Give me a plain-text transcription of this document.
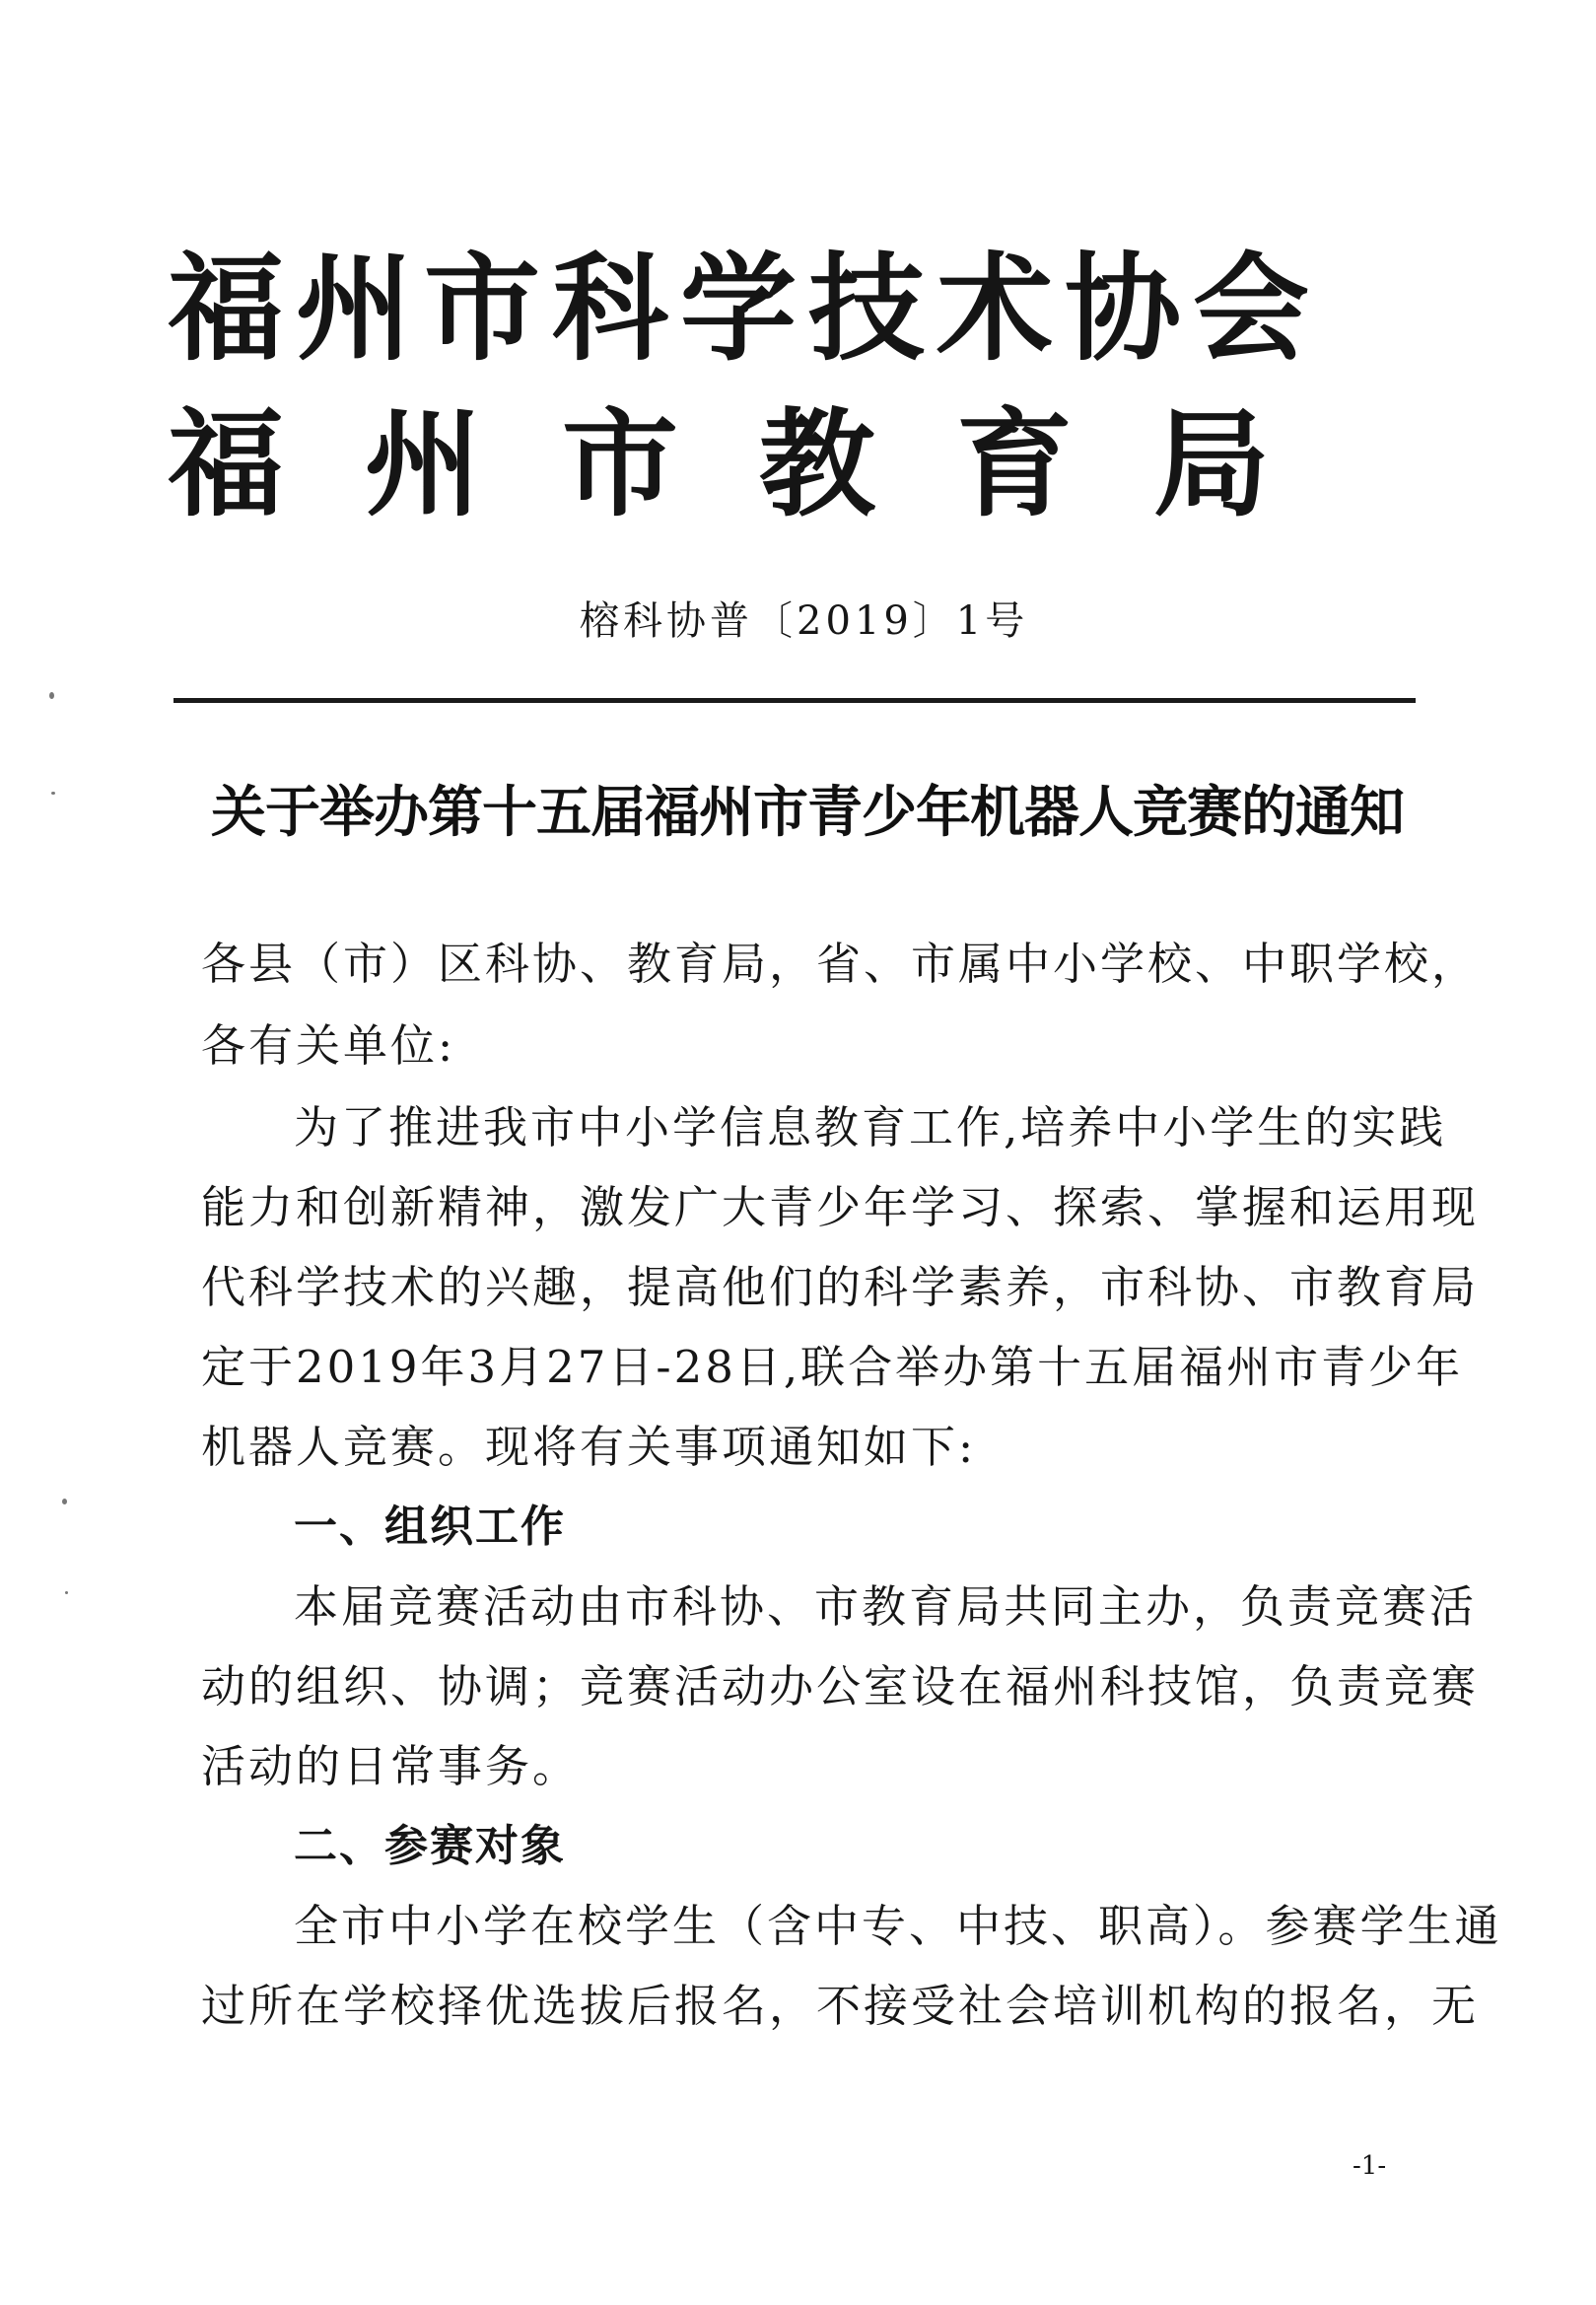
福州市科学技术协会
福州市教育局
榕科协普〔2019〕1号
关于举办第十五届福州市青少年机器人竞赛的通知
各县（市）区科协、教育局，省、市属中小学校、中职学校，
各有关单位:
为了推进我市中小学信息教育工作,培养中小学生的实践
能力和创新精神，激发广大青少年学习、探索、掌握和运用现
代科学技术的兴趣，提高他们的科学素养，市科协、市教育局
定于2019年3月27日-28日,联合举办第十五届福州市青少年
机器人竞赛。现将有关事项通知如下:
一、组织工作
本届竞赛活动由市科协、市教育局共同主办，负责竞赛活
动的组织、协调；竞赛活动办公室设在福州科技馆，负责竞赛
活动的日常事务。
二、参赛对象
全市中小学在校学生（含中专、中技、职高）。参赛学生通
过所在学校择优选拔后报名，不接受社会培训机构的报名，无
-1-
